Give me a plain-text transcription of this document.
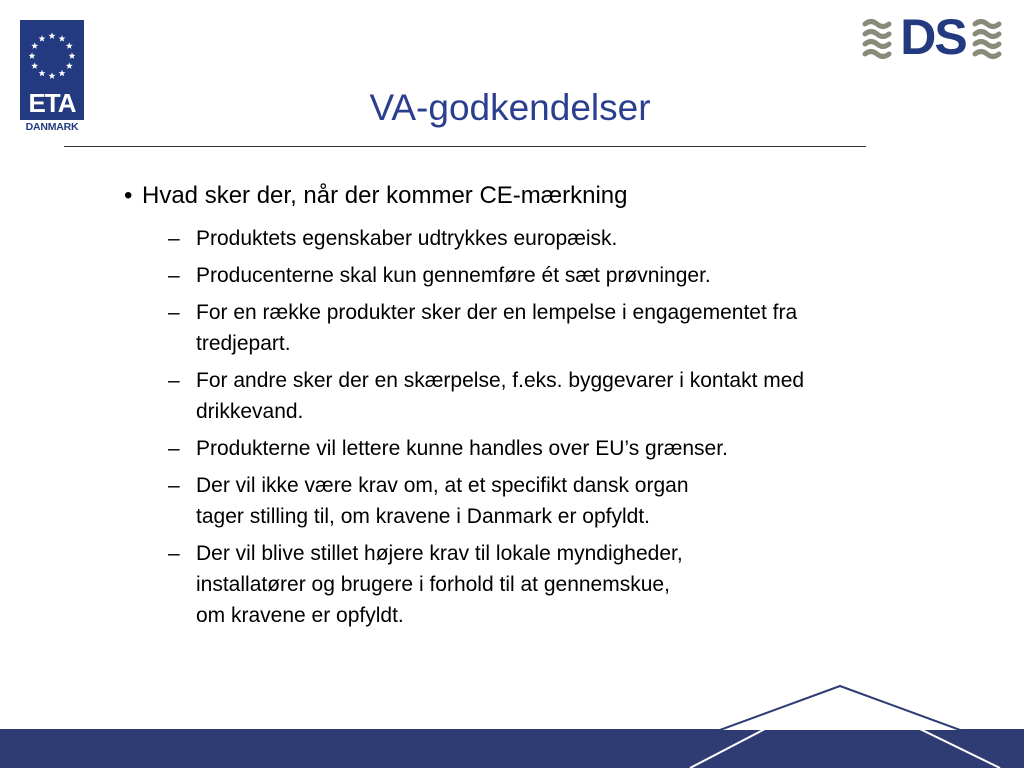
ETA
DANMARK
DS
VA-godkendelser

• Hvad sker der, når der kommer CE-mærkning

– Produktets egenskaber udtrykkes europæisk.
– Producenterne skal kun gennemføre ét sæt prøvninger.
– For en række produkter sker der en lempelse i engagementet fra tredjepart.
– For andre sker der en skærpelse, f.eks. byggevarer i kontakt med drikkevand.
– Produkterne vil lettere kunne handles over EU’s grænser.
– Der vil ikke være krav om, at et specifikt dansk organ
tager stilling til, om kravene i Danmark er opfyldt.
– Der vil blive stillet højere krav til lokale myndigheder,
installatører og brugere i forhold til at gennemskue,
om kravene er opfyldt.
